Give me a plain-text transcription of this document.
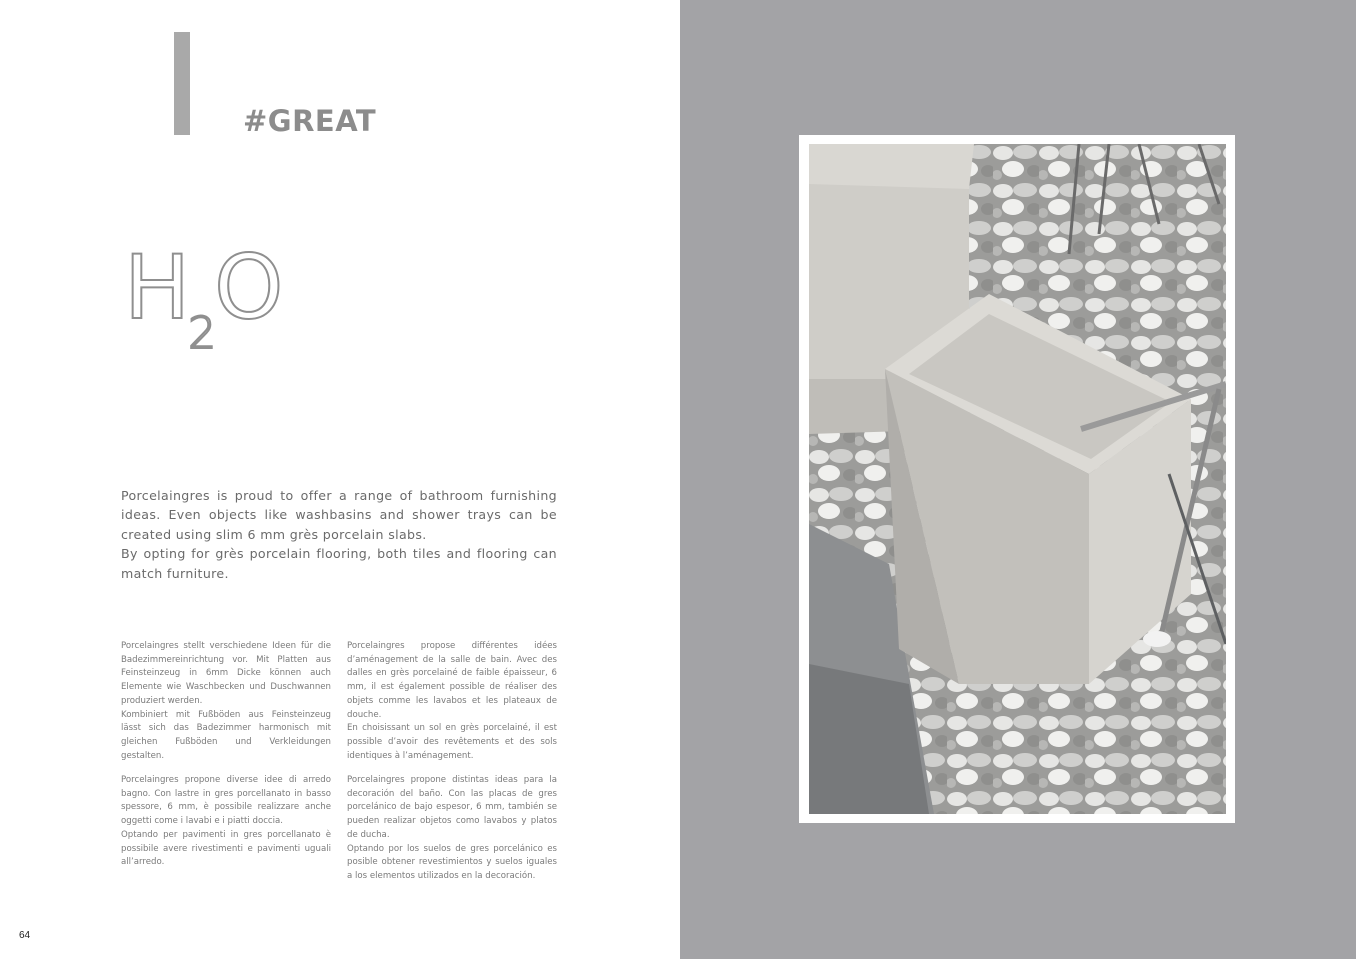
#GREAT
$H_2O$

Porcelaingres is proud to offer a range of bathroom furnishing ideas. Even objects like washbasins and shower trays can be created using slim 6 mm grès porcelain slabs.

By opting for grès porcelain flooring, both tiles and flooring can match furniture.

Porcelaingres stellt verschiedene Ideen für die Badezimmereinrichtung vor. Mit Platten aus Feinsteinzeug in 6mm Dicke können auch Elemente wie Waschbecken und Duschwannen produziert werden.

Kombiniert mit Fußböden aus Feinsteinzeug lässt sich das Badezimmer harmonisch mit gleichen Fußböden und Verkleidungen gestalten.

Porcelaingres propose différentes idées d’aménagement de la salle de bain. Avec des dalles en grès porcelainé de faible épaisseur, 6 mm, il est également possible de réaliser des objets comme les lavabos et les plateaux de douche.

En choisissant un sol en grès porcelainé, il est possible d’avoir des revêtements et des sols identiques à l’aménagement.

Porcelaingres propone diverse idee di arredo bagno. Con lastre in gres porcellanato in basso spessore, 6 mm, è possibile realizzare anche oggetti come i lavabi e i piatti doccia.

Optando per pavimenti in gres porcellanato è possibile avere rivestimenti e pavimenti uguali all’arredo.

Porcelaingres propone distintas ideas para la decoración del baño. Con las placas de gres porcelánico de bajo espesor, 6 mm, también se pueden realizar objetos como lavabos y platos de ducha.

Optando por los suelos de gres porcelánico es posible obtener revestimientos y suelos iguales a los elementos utilizados en la decoración.

64
